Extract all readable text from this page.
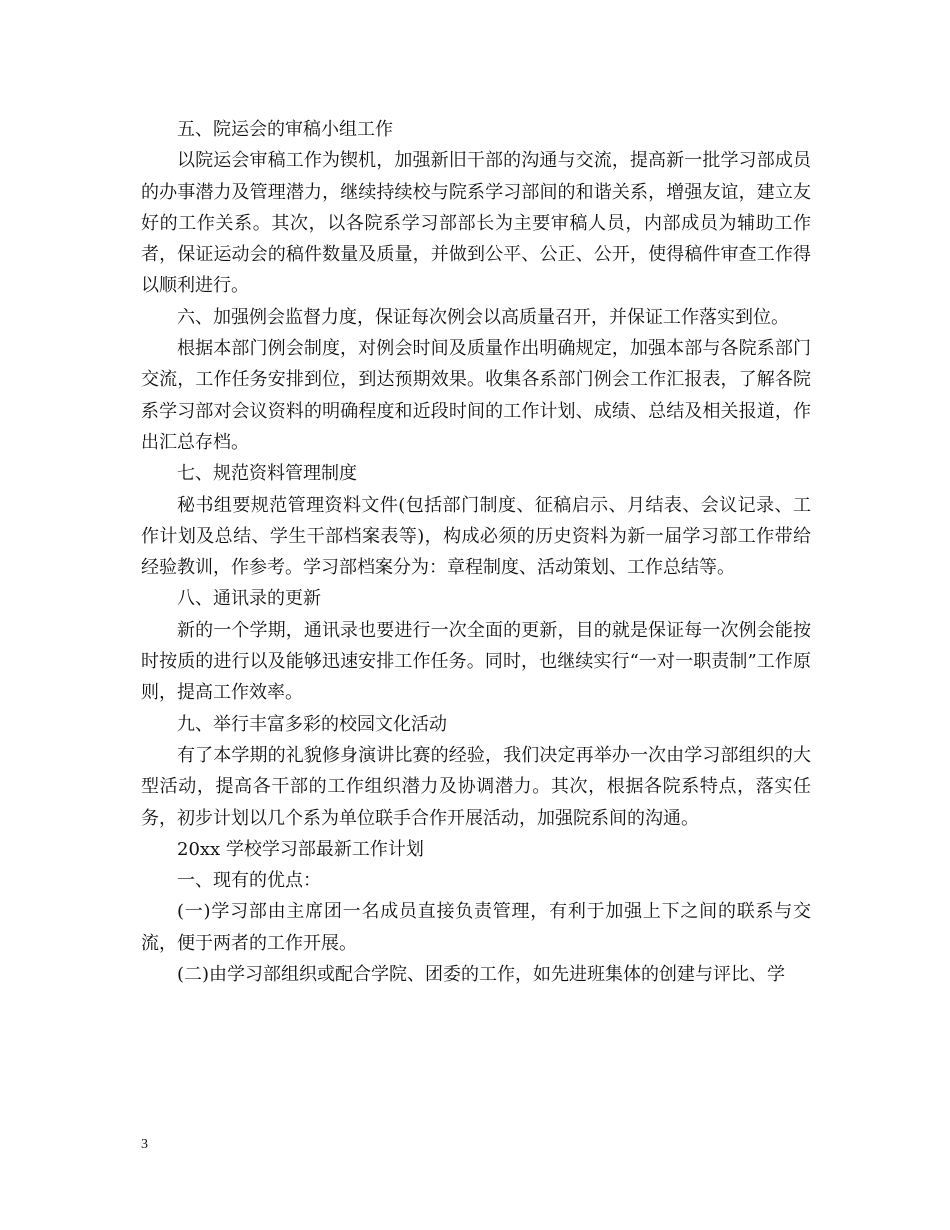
五、院运会的审稿小组工作

以院运会审稿工作为锲机，加强新旧干部的沟通与交流，提高新一批学习部成员的办事潜力及管理潜力，继续持续校与院系学习部间的和谐关系，增强友谊，建立友好的工作关系。其次，以各院系学习部部长为主要审稿人员，内部成员为辅助工作者，保证运动会的稿件数量及质量，并做到公平、公正、公开，使得稿件审查工作得以顺利进行。

六、加强例会监督力度，保证每次例会以高质量召开，并保证工作落实到位。

根据本部门例会制度，对例会时间及质量作出明确规定，加强本部与各院系部门交流，工作任务安排到位，到达预期效果。收集各系部门例会工作汇报表，了解各院系学习部对会议资料的明确程度和近段时间的工作计划、成绩、总结及相关报道，作出汇总存档。

七、规范资料管理制度

秘书组要规范管理资料文件(包括部门制度、征稿启示、月结表、会议记录、工作计划及总结、学生干部档案表等)，构成必须的历史资料为新一届学习部工作带给经验教训，作参考。学习部档案分为：章程制度、活动策划、工作总结等。

八、通讯录的更新

新的一个学期，通讯录也要进行一次全面的更新，目的就是保证每一次例会能按时按质的进行以及能够迅速安排工作任务。同时，也继续实行“一对一职责制”工作原则，提高工作效率。

九、举行丰富多彩的校园文化活动

有了本学期的礼貌修身演讲比赛的经验，我们决定再举办一次由学习部组织的大型活动，提高各干部的工作组织潜力及协调潜力。其次，根据各院系特点，落实任务，初步计划以几个系为单位联手合作开展活动，加强院系间的沟通。

20xx 学校学习部最新工作计划

一、现有的优点：

(一)学习部由主席团一名成员直接负责管理，有利于加强上下之间的联系与交流，便于两者的工作开展。

(二)由学习部组织或配合学院、团委的工作，如先进班集体的创建与评比、学

3
